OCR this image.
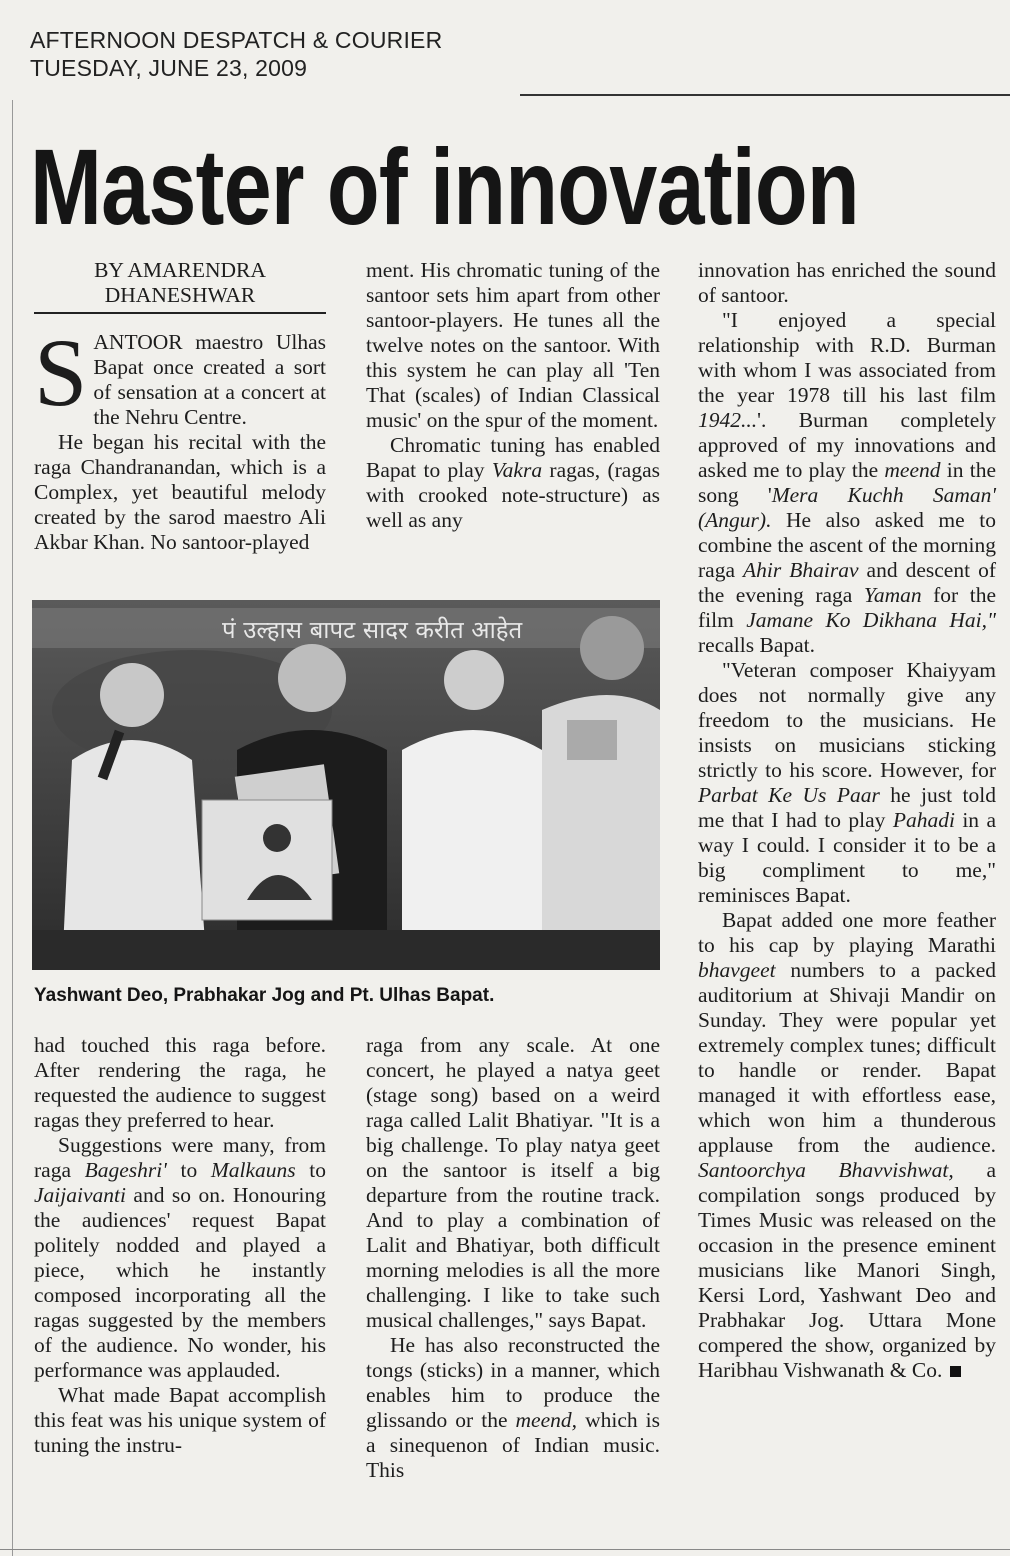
AFTERNOON DESPATCH & COURIER
TUESDAY, JUNE 23, 2009
Master of innovation
BY AMARENDRA
DHANESHWAR

SANTOOR maestro Ulhas Bapat once created a sort of sensation at a concert at the Nehru Centre.

He began his recital with the raga Chandranandan, which is a Complex, yet beautiful melody created by the sarod maestro Ali Akbar Khan. No santoor-played

ment. His chromatic tuning of the santoor sets him apart from other santoor-players. He tunes all the twelve notes on the santoor. With this system he can play all 'Ten That (scales) of Indian Classical music' on the spur of the moment.

Chromatic tuning has enabled Bapat to play Vakra ragas, (ragas with crooked note-structure) as well as any

innovation has enriched the sound of santoor.

"I enjoyed a special relationship with R.D. Burman with whom I was associated from the year 1978 till his last film 1942...'. Burman completely approved of my innovations and asked me to play the meend in the song 'Mera Kuchh Saman' (Angur). He also asked me to combine the ascent of the morning raga Ahir Bhairav and descent of the evening raga Yaman for the film Jamane Ko Dikhana Hai," recalls Bapat.

"Veteran composer Khaiyyam does not normally give any freedom to the musicians. He insists on musicians sticking strictly to his score. However, for Parbat Ke Us Paar he just told me that I had to play Pahadi in a way I could. I consider it to be a big compliment to me," reminisces Bapat.

Bapat added one more feather to his cap by playing Marathi bhavgeet numbers to a packed auditorium at Shivaji Mandir on Sunday. They were popular yet extremely complex tunes; difficult to handle or render. Bapat managed it with effortless ease, which won him a thunderous applause from the audience. Santoorchya Bhavvishwat, a compilation songs produced by Times Music was released on the occasion in the presence eminent musicians like Manori Singh, Kersi Lord, Yashwant Deo and Prabhakar Jog. Uttara Mone compered the show, organized by Haribhau Vishwanath & Co.

पं उल्हास बापट सादर करीत आहेत
Yashwant Deo, Prabhakar Jog and Pt. Ulhas Bapat.

had touched this raga before. After rendering the raga, he requested the audience to suggest ragas they preferred to hear.

Suggestions were many, from raga Bageshri' to Malkauns to Jaijaivanti and so on. Honouring the audiences' request Bapat politely nodded and played a piece, which he instantly composed incorporating all the ragas suggested by the members of the audience. No wonder, his performance was applauded.

What made Bapat accomplish this feat was his unique system of tuning the instru-

raga from any scale. At one concert, he played a natya geet (stage song) based on a weird raga called Lalit Bhatiyar. "It is a big challenge. To play natya geet on the santoor is itself a big departure from the routine track. And to play a combination of Lalit and Bhatiyar, both difficult morning melodies is all the more challenging. I like to take such musical challenges," says Bapat.

He has also reconstructed the tongs (sticks) in a manner, which enables him to produce the glissando or the meend, which is a sinequenon of Indian music. This
